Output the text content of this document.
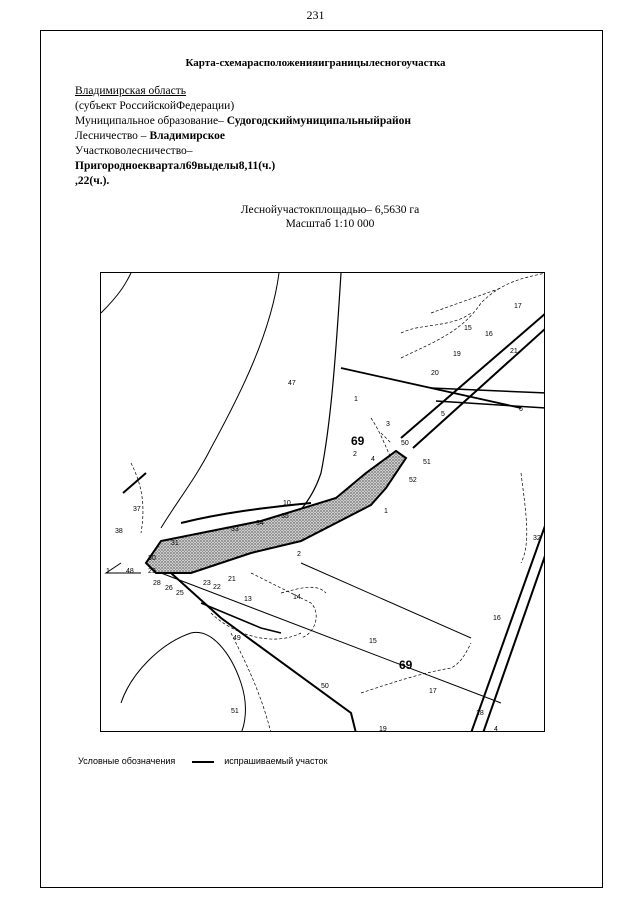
231
Карта-схемарасположенияиграницылесногоучастка
Владимирская область
(субъект РоссийскойФедерации)
Муниципальное образование– Судогодскиймуниципальныйрайон
Лесничество – Владимирское
Участковолесничество–
Пригородноеквартал69выделы8,11(ч.)
,22(ч.).
Леснойучастокплощадью– 6,5630 га
Масштаб 1:10 000
47
1
2
3
4
5
6
15
16
17
19
20
21
50
51
52
10
37
38	33
34
35
31
30
29
48
1
28
26
25
23
22
21
13	14
49	15
16
17
18
4
19
50
51
32
1
2
69
69
Условные обозначения	испрашиваемый участок
